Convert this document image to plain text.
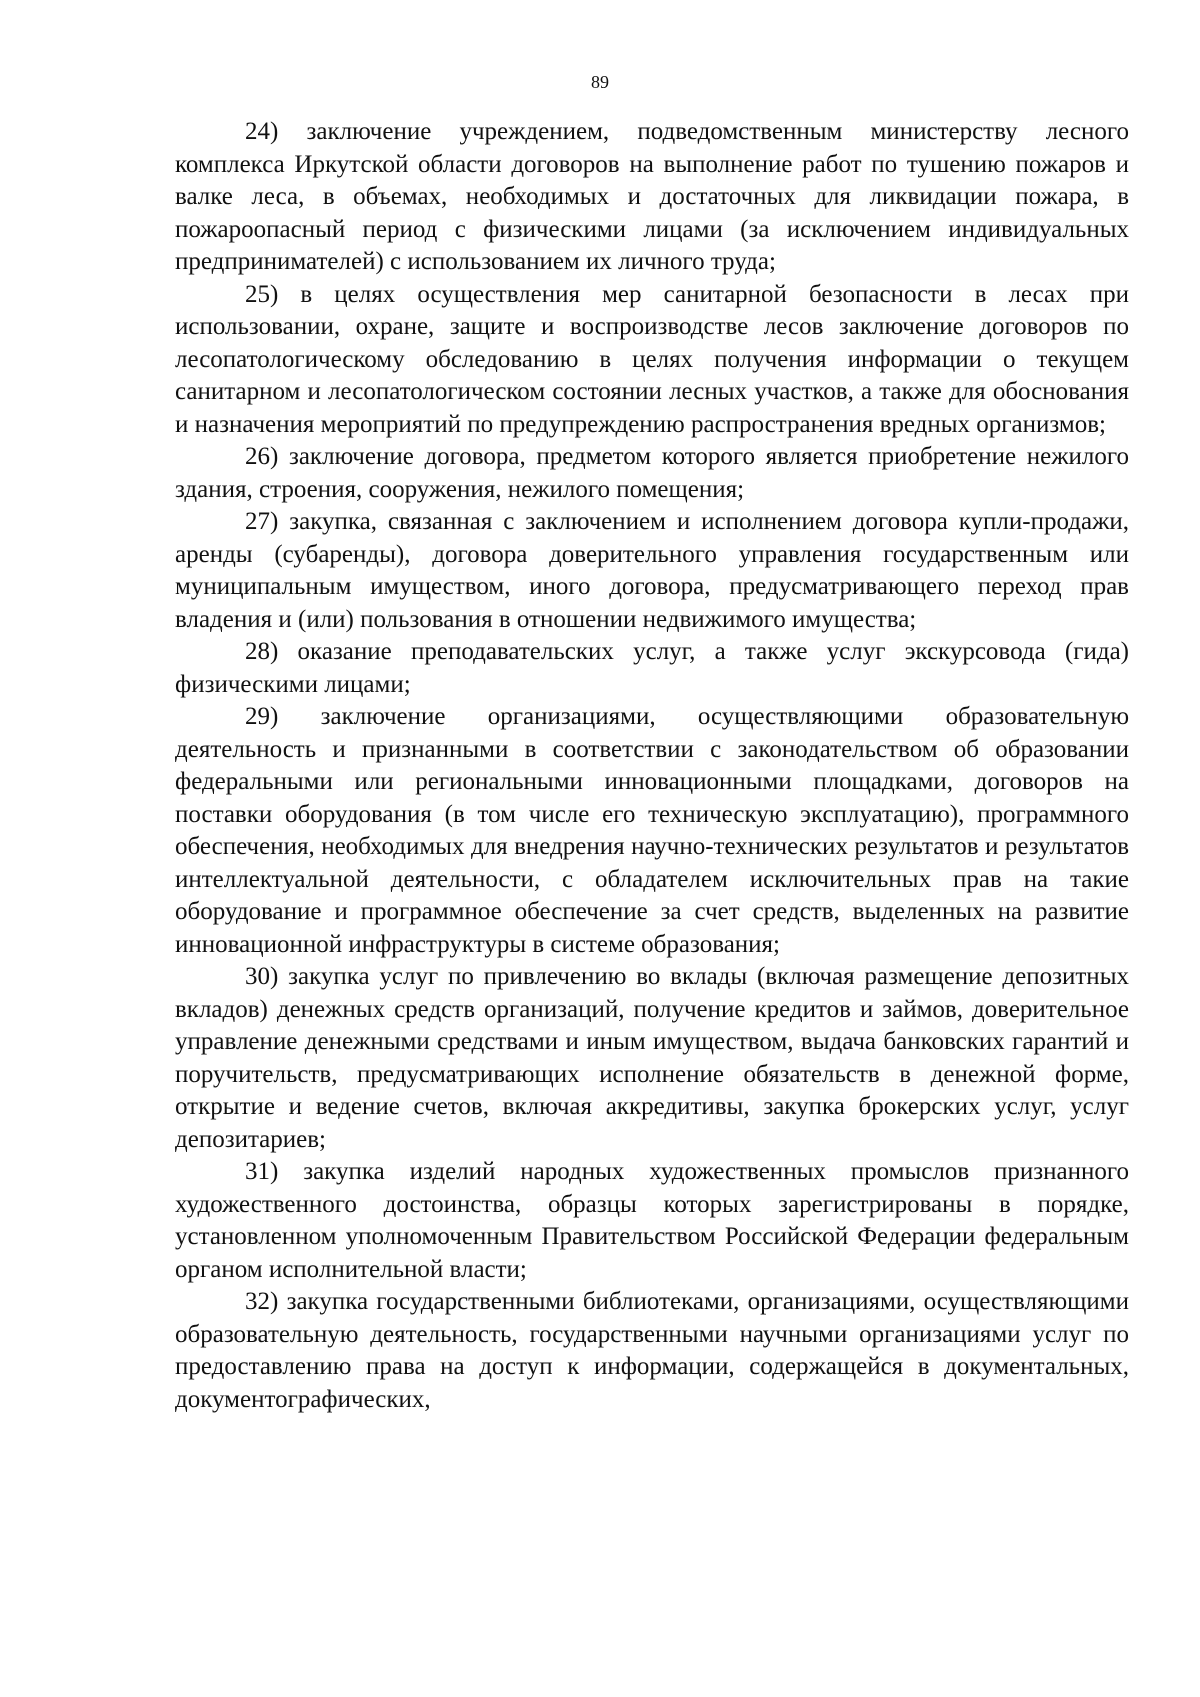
89

24) заключение учреждением, подведомственным министерству лесного комплекса Иркутской области договоров на выполнение работ по тушению пожаров и валке леса, в объемах, необходимых и достаточных для ликвидации пожара, в пожароопасный период с физическими лицами (за исключением индивидуальных предпринимателей) с использованием их личного труда;

25) в целях осуществления мер санитарной безопасности в лесах при использовании, охране, защите и воспроизводстве лесов заключение договоров по лесопатологическому обследованию в целях получения информации о текущем санитарном и лесопатологическом состоянии лесных участков, а также для обоснования и назначения мероприятий по предупреждению распространения вредных организмов;

26) заключение договора, предметом которого является приобретение нежилого здания, строения, сооружения, нежилого помещения;

27) закупка, связанная с заключением и исполнением договора купли-продажи, аренды (субаренды), договора доверительного управления государственным или муниципальным имуществом, иного договора, предусматривающего переход прав владения и (или) пользования в отношении недвижимого имущества;

28) оказание преподавательских услуг, а также услуг экскурсовода (гида) физическими лицами;

29) заключение организациями, осуществляющими образовательную деятельность и признанными в соответствии с законодательством об образовании федеральными или региональными инновационными площадками, договоров на поставки оборудования (в том числе его техническую эксплуатацию), программного обеспечения, необходимых для внедрения научно-технических результатов и результатов интеллектуальной деятельности, с обладателем исключительных прав на такие оборудование и программное обеспечение за счет средств, выделенных на развитие инновационной инфраструктуры в системе образования;

30) закупка услуг по привлечению во вклады (включая размещение депозитных вкладов) денежных средств организаций, получение кредитов и займов, доверительное управление денежными средствами и иным имуществом, выдача банковских гарантий и поручительств, предусматривающих исполнение обязательств в денежной форме, открытие и ведение счетов, включая аккредитивы, закупка брокерских услуг, услуг депозитариев;

31) закупка изделий народных художественных промыслов признанного художественного достоинства, образцы которых зарегистрированы в порядке, установленном уполномоченным Правительством Российской Федерации федеральным органом исполнительной власти;

32) закупка государственными библиотеками, организациями, осуществляющими образовательную деятельность, государственными научными организациями услуг по предоставлению права на доступ к информации, содержащейся в документальных, документографических,
